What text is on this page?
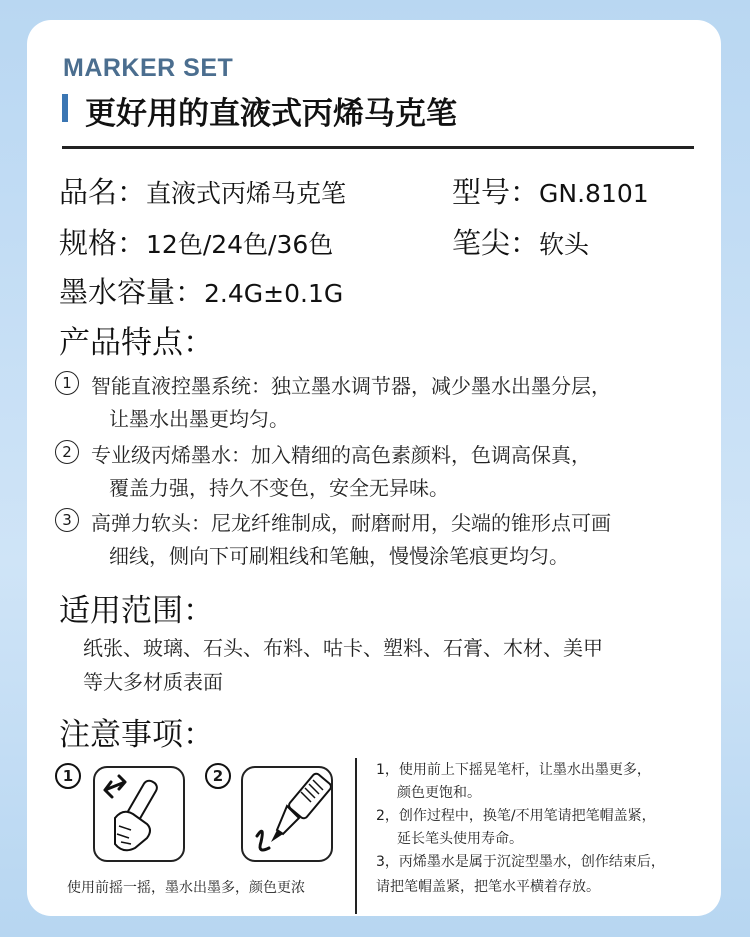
MARKER SET
更好用的直液式丙烯马克笔
品名：直液式丙烯马克笔	型号：GN.8101
规格：12色/24色/36色	笔尖：软头
墨水容量：2.4G±0.1G
产品特点：
1 智能直液控墨系统：独立墨水调节器，减少墨水出墨分层，
让墨水出墨更均匀。
2 专业级丙烯墨水：加入精细的高色素颜料，色调高保真，
覆盖力强，持久不变色，安全无异味。
3 高弹力软头：尼龙纤维制成，耐磨耐用，尖端的锥形点可画
细线，侧向下可刷粗线和笔触，慢慢涂笔痕更均匀。
适用范围：
纸张、玻璃、石头、布料、咕卡、塑料、石膏、木材、美甲
等大多材质表面
注意事项：
1	2
使用前摇一摇，墨水出墨多，颜色更浓
1，使用前上下摇晃笔杆，让墨水出墨更多，
颜色更饱和。
2，创作过程中，换笔/不用笔请把笔帽盖紧，
延长笔头使用寿命。
3，丙烯墨水是属于沉淀型墨水，创作结束后，
请把笔帽盖紧，把笔水平横着存放。
